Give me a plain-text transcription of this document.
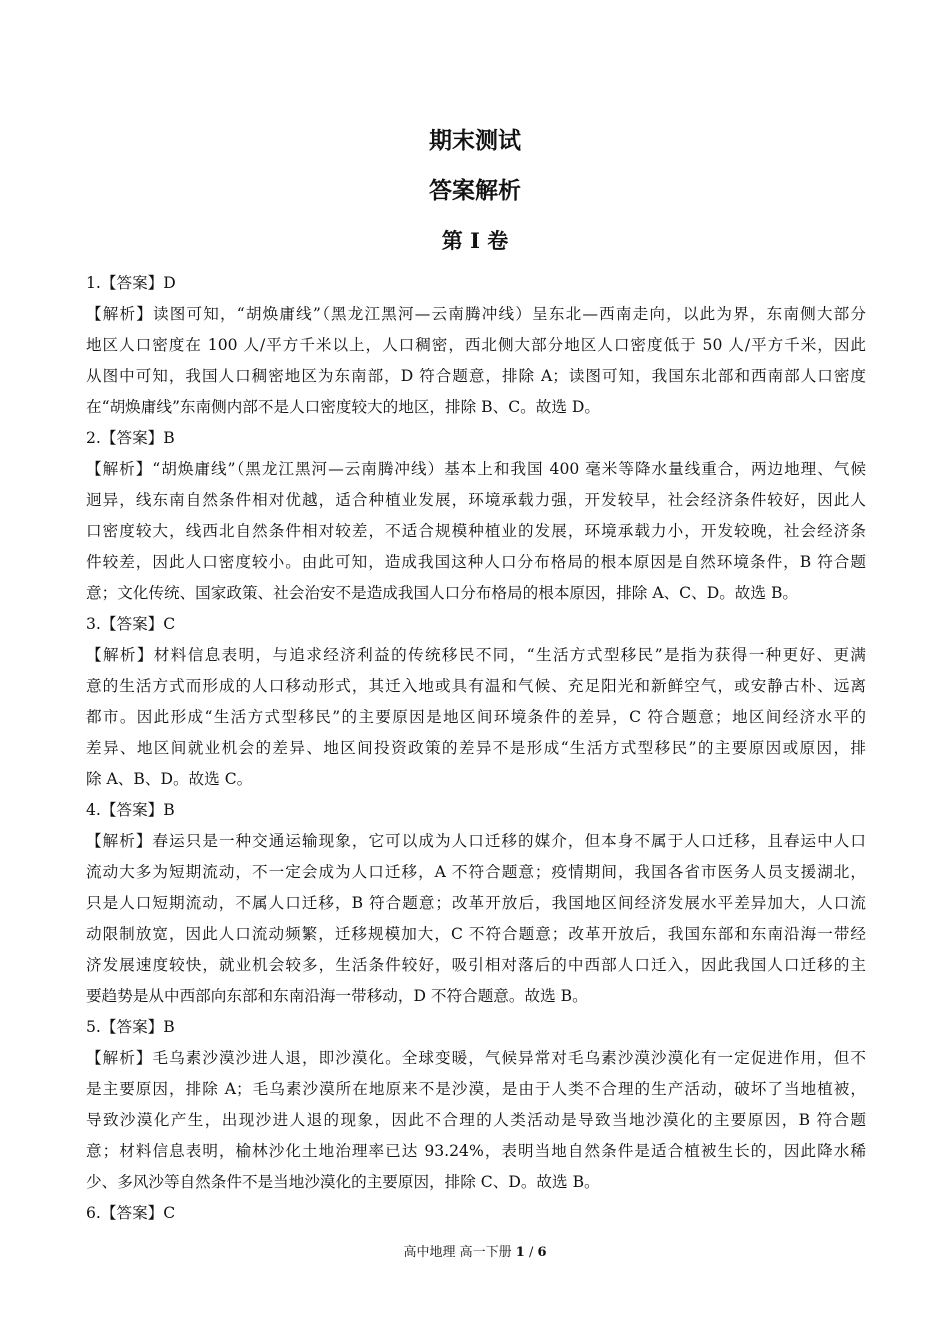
期末测试
答案解析
第 I 卷
1.【答案】D
【解析】读图可知，“胡焕庸线”（黑龙江黑河—云南腾冲线）呈东北—西南走向，以此为界，东南侧大部分
地区人口密度在 100 人/平方千米以上，人口稠密，西北侧大部分地区人口密度低于 50 人/平方千米，因此
从图中可知，我国人口稠密地区为东南部，D 符合题意，排除 A；读图可知，我国东北部和西南部人口密度
在“胡焕庸线”东南侧内部不是人口密度较大的地区，排除 B、C。故选 D。
2.【答案】B
【解析】“胡焕庸线”（黑龙江黑河—云南腾冲线）基本上和我国 400 毫米等降水量线重合，两边地理、气候
迥异，线东南自然条件相对优越，适合种植业发展，环境承载力强，开发较早，社会经济条件较好，因此人
口密度较大，线西北自然条件相对较差，不适合规模种植业的发展，环境承载力小，开发较晚，社会经济条
件较差，因此人口密度较小。由此可知，造成我国这种人口分布格局的根本原因是自然环境条件，B 符合题
意；文化传统、国家政策、社会治安不是造成我国人口分布格局的根本原因，排除 A、C、D。故选 B。
3.【答案】C
【解析】材料信息表明，与追求经济利益的传统移民不同，“生活方式型移民”是指为获得一种更好、更满
意的生活方式而形成的人口移动形式，其迁入地或具有温和气候、充足阳光和新鲜空气，或安静古朴、远离
都市。因此形成“生活方式型移民”的主要原因是地区间环境条件的差异，C 符合题意；地区间经济水平的
差异、地区间就业机会的差异、地区间投资政策的差异不是形成“生活方式型移民”的主要原因或原因，排
除 A、B、D。故选 C。
4.【答案】B
【解析】春运只是一种交通运输现象，它可以成为人口迁移的媒介，但本身不属于人口迁移，且春运中人口
流动大多为短期流动，不一定会成为人口迁移，A 不符合题意；疫情期间，我国各省市医务人员支援湖北，
只是人口短期流动，不属人口迁移，B 符合题意；改革开放后，我国地区间经济发展水平差异加大，人口流
动限制放宽，因此人口流动频繁，迁移规模加大，C 不符合题意；改革开放后，我国东部和东南沿海一带经
济发展速度较快，就业机会较多，生活条件较好，吸引相对落后的中西部人口迁入，因此我国人口迁移的主
要趋势是从中西部向东部和东南沿海一带移动，D 不符合题意。故选 B。
5.【答案】B
【解析】毛乌素沙漠沙进人退，即沙漠化。全球变暖，气候异常对毛乌素沙漠沙漠化有一定促进作用，但不
是主要原因，排除 A；毛乌素沙漠所在地原来不是沙漠，是由于人类不合理的生产活动，破坏了当地植被，
导致沙漠化产生，出现沙进人退的现象，因此不合理的人类活动是导致当地沙漠化的主要原因，B 符合题
意；材料信息表明，榆林沙化土地治理率已达 93.24%，表明当地自然条件是适合植被生长的，因此降水稀
少、多风沙等自然条件不是当地沙漠化的主要原因，排除 C、D。故选 B。
6.【答案】C
高中地理 高一下册 1 / 6
